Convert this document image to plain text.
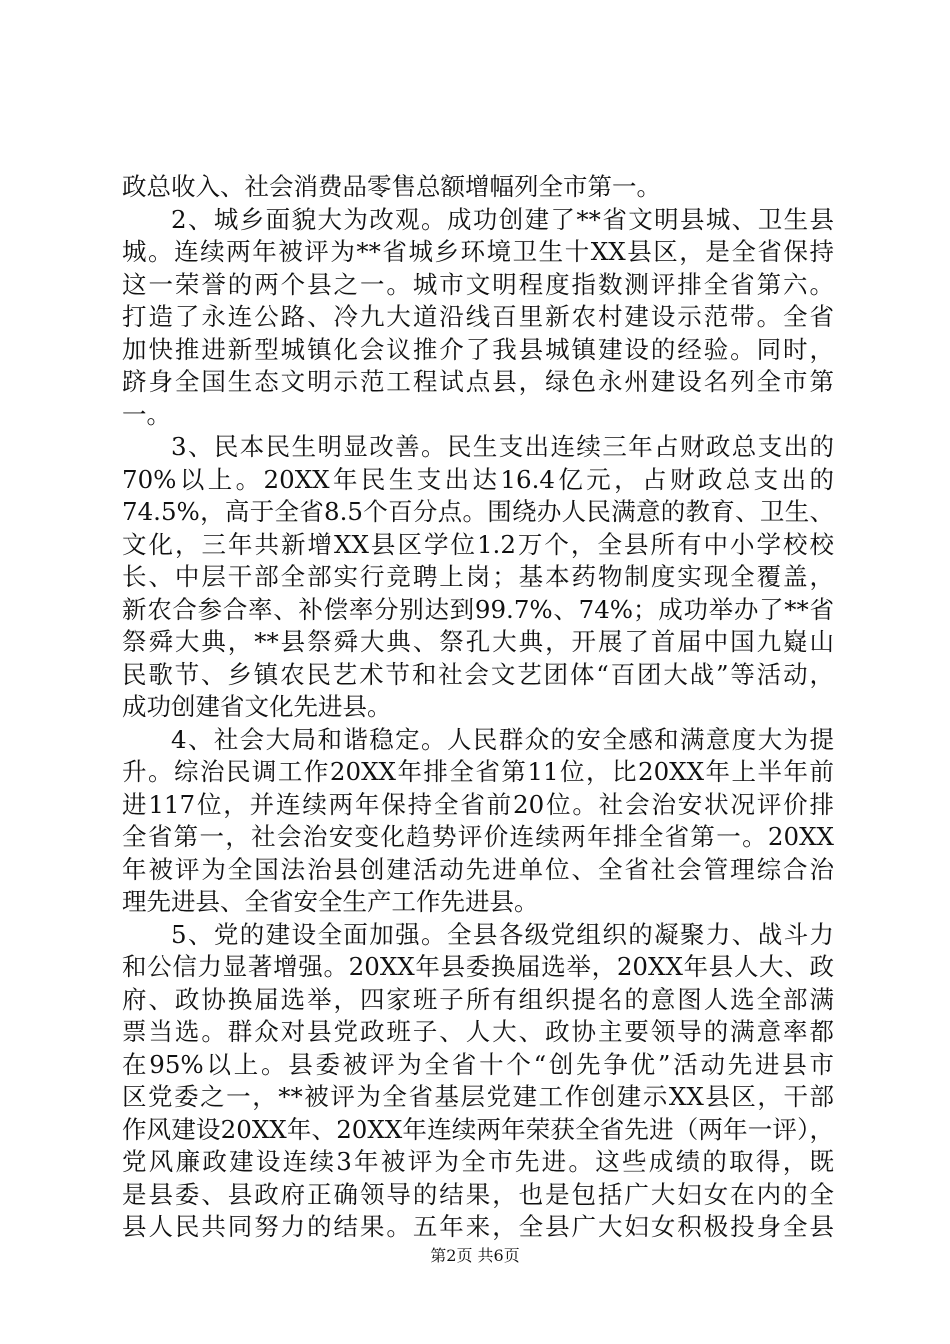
政总收入、社会消费品零售总额增幅列全市第一。
2、城乡面貌大为改观。成功创建了**省文明县城、卫生县
城。连续两年被评为**省城乡环境卫生十XX县区，是全省保持
这一荣誉的两个县之一。城市文明程度指数测评排全省第六。
打造了永连公路、冷九大道沿线百里新农村建设示范带。全省
加快推进新型城镇化会议推介了我县城镇建设的经验。同时，
跻身全国生态文明示范工程试点县，绿色永州建设名列全市第
一。
3、民本民生明显改善。民生支出连续三年占财政总支出的
70%以上。20XX年民生支出达16.4亿元，占财政总支出的
74.5%，高于全省8.5个百分点。围绕办人民满意的教育、卫生、
文化，三年共新增XX县区学位1.2万个，全县所有中小学校校
长、中层干部全部实行竞聘上岗；基本药物制度实现全覆盖，
新农合参合率、补偿率分别达到99.7%、74%；成功举办了**省
祭舜大典，**县祭舜大典、祭孔大典，开展了首届中国九嶷山
民歌节、乡镇农民艺术节和社会文艺团体“百团大战”等活动，
成功创建省文化先进县。
4、社会大局和谐稳定。人民群众的安全感和满意度大为提
升。综治民调工作20XX年排全省第11位，比20XX年上半年前
进117位，并连续两年保持全省前20位。社会治安状况评价排
全省第一，社会治安变化趋势评价连续两年排全省第一。20XX
年被评为全国法治县创建活动先进单位、全省社会管理综合治
理先进县、全省安全生产工作先进县。
5、党的建设全面加强。全县各级党组织的凝聚力、战斗力
和公信力显著增强。20XX年县委换届选举，20XX年县人大、政
府、政协换届选举，四家班子所有组织提名的意图人选全部满
票当选。群众对县党政班子、人大、政协主要领导的满意率都
在95%以上。县委被评为全省十个“创先争优”活动先进县市
区党委之一，**被评为全省基层党建工作创建示XX县区，干部
作风建设20XX年、20XX年连续两年荣获全省先进（两年一评），
党风廉政建设连续3年被评为全市先进。这些成绩的取得，既
是县委、县政府正确领导的结果，也是包括广大妇女在内的全
县人民共同努力的结果。五年来，全县广大妇女积极投身全县
第2页 共6页
